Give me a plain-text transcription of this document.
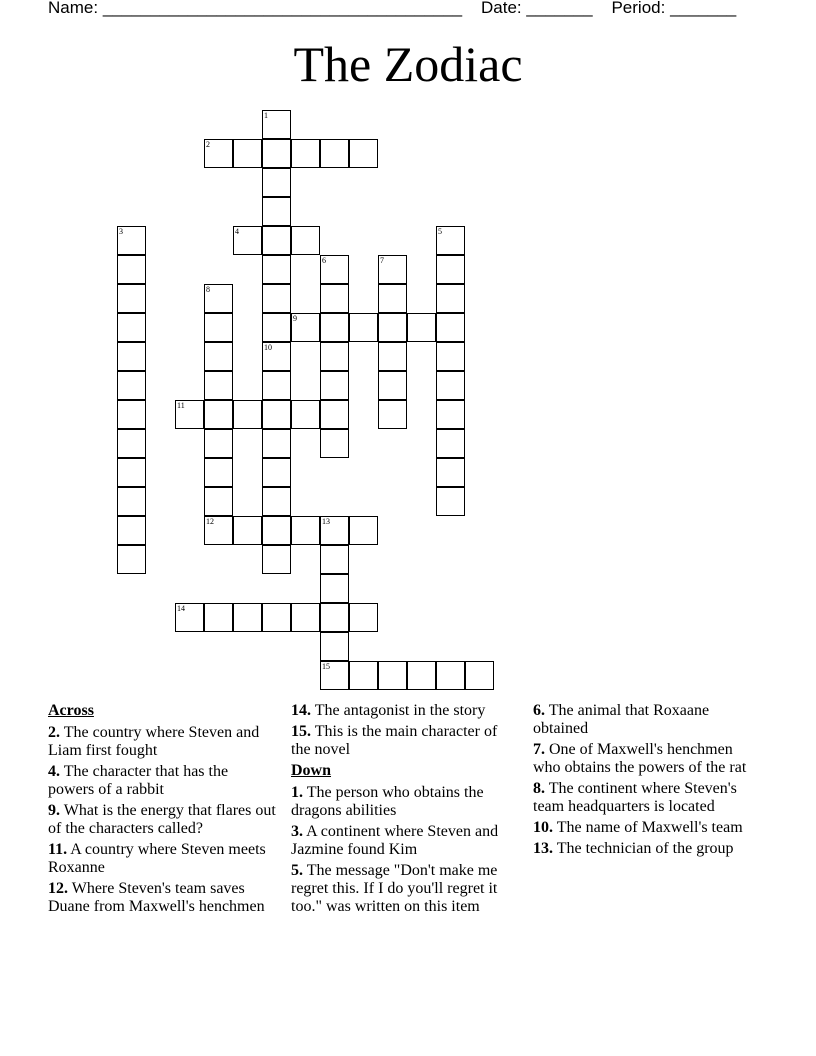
Name: ______________________________________ Date: _______ Period: _______
The Zodiac
1
2
3	4	5
6	7
8
9
10
11
12	13
15
14
Across
2. The country where Steven and Liam first fought
4. The character that has the powers of a rabbit
9. What is the energy that flares out of the characters called?
11. A country where Steven meets Roxanne
12. Where Steven's team saves Duane from Maxwell's henchmen
14. The antagonist in the story
15. This is the main character of the novel
Down
1. The person who obtains the dragons abilities
3. A continent where Steven and Jazmine found Kim
5. The message "Don't make me regret this. If I do you'll regret it too." was written on this item
6. The animal that Roxaane obtained
7. One of Maxwell's henchmen who obtains the powers of the rat
8. The continent where Steven's team headquarters is located
10. The name of Maxwell's team
13. The technician of the group
